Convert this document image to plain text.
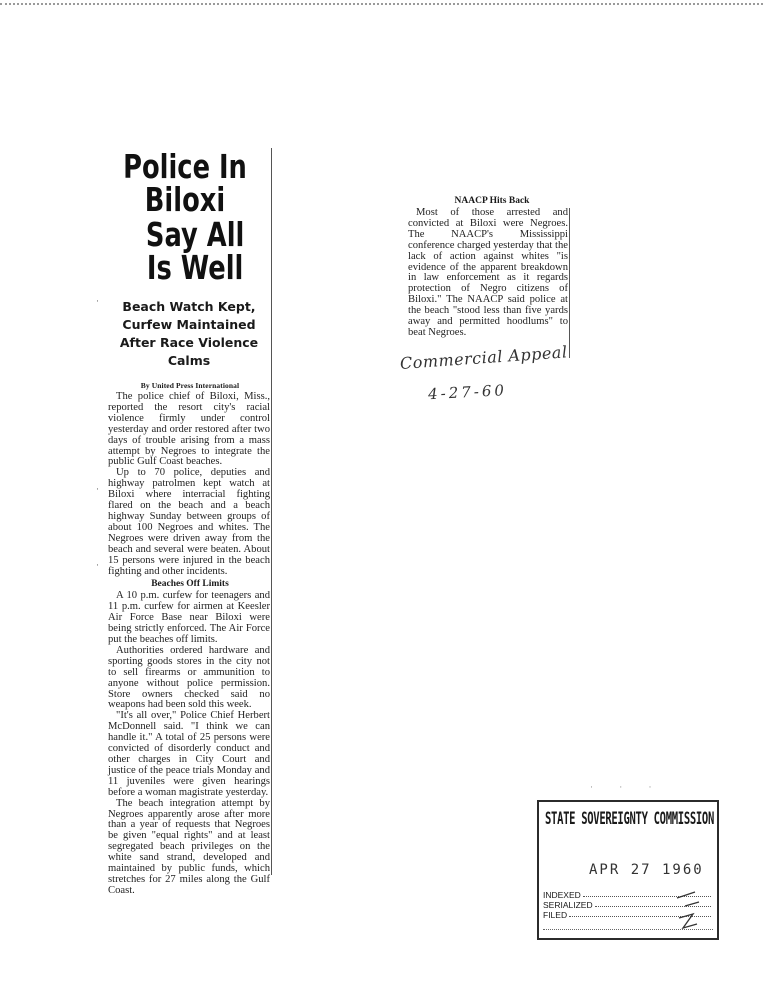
Police In Biloxi
Say All Is Well
Beach Watch Kept, Curfew Maintained After Race Violence Calms
By United Press International

The police chief of Biloxi, Miss., reported the resort city's racial violence firmly under control yesterday and order restored after two days of trouble arising from a mass attempt by Negroes to integrate the public Gulf Coast beaches.

Up to 70 police, deputies and highway patrolmen kept watch at Biloxi where interracial fighting flared on the beach and a beach highway Sunday between groups of about 100 Negroes and whites. The Negroes were driven away from the beach and several were beaten. About 15 persons were injured in the beach fighting and other incidents.

Beaches Off Limits

A 10 p.m. curfew for teenagers and 11 p.m. curfew for airmen at Keesler Air Force Base near Biloxi were being strictly enforced. The Air Force put the beaches off limits.

Authorities ordered hardware and sporting goods stores in the city not to sell firearms or ammunition to anyone without police permission. Store owners checked said no weapons had been sold this week.

"It's all over," Police Chief Herbert McDonnell said. "I think we can handle it." A total of 25 persons were convicted of disorderly conduct and other charges in City Court and justice of the peace trials Monday and 11 juveniles were given hearings before a woman magistrate yesterday.

The beach integration attempt by Negroes apparently arose after more than a year of requests that Negroes be given "equal rights" and at least segregated beach privileges on the white sand strand, developed and maintained by public funds, which stretches for 27 miles along the Gulf Coast.

·
·
·
NAACP Hits Back

Most of those arrested and convicted at Biloxi were Negroes. The NAACP's Mississippi conference charged yesterday that the lack of action against whites "is evidence of the apparent breakdown in law enforcement as it regards protection of Negro citizens of Biloxi." The NAACP said police at the beach "stood less than five yards away and permitted hoodlums" to beat Negroes.

Commercial Appeal
4-27-60
· · ·
STATE SOVEREIGNTY COMMISSION
APR 27 1960
INDEXED
SERIALIZED
FILED
